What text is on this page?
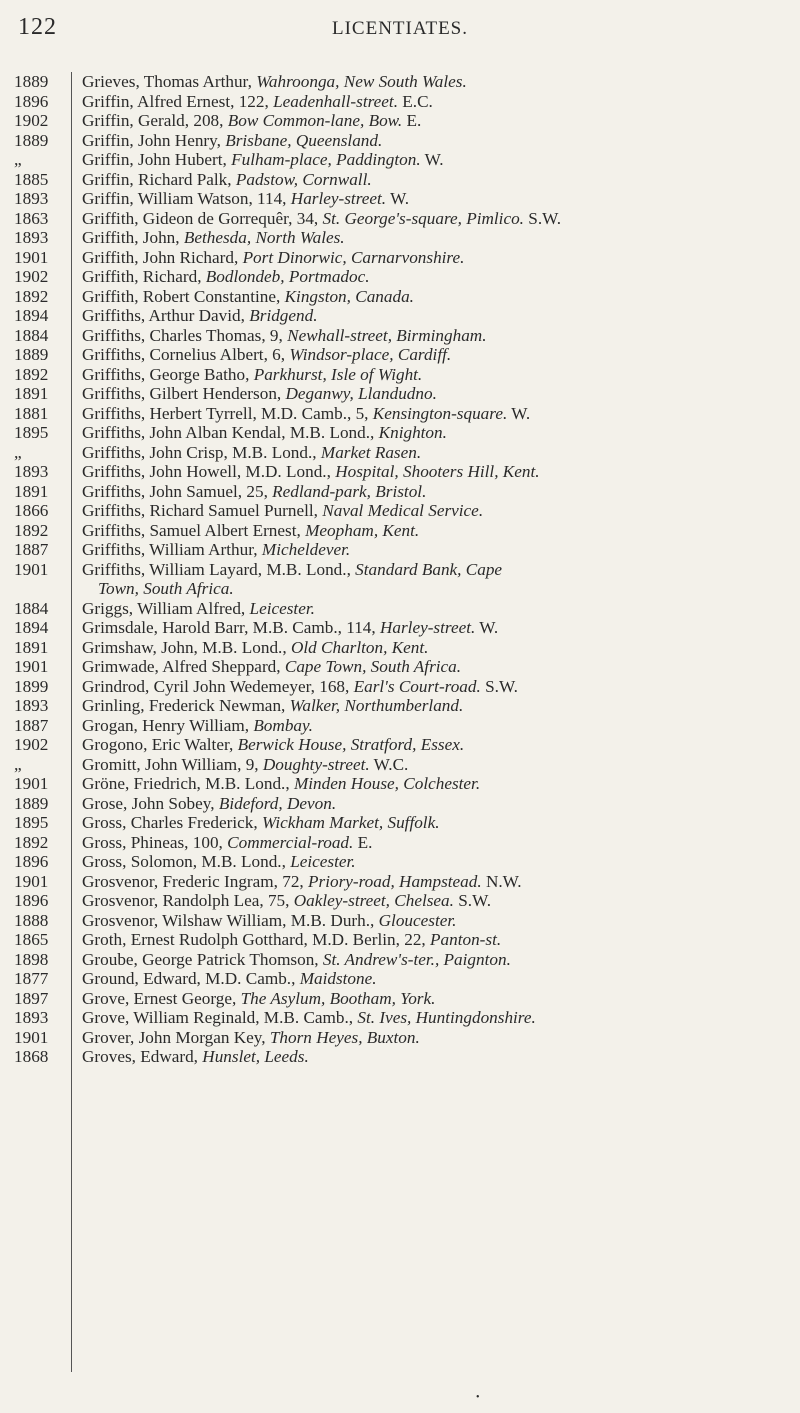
122	LICENTIATES.
1889	Grieves, Thomas Arthur, Wahroonga, New South Wales.
1896	Griffin, Alfred Ernest, 122, Leadenhall-street. E.C.
1902	Griffin, Gerald, 208, Bow Common-lane, Bow. E.
1889	Griffin, John Henry, Brisbane, Queensland.
„	Griffin, John Hubert, Fulham-place, Paddington. W.
1885	Griffin, Richard Palk, Padstow, Cornwall.
1893	Griffin, William Watson, 114, Harley-street. W.
1863	Griffith, Gideon de Gorrequêr, 34, St. George's-square, Pimlico. S.W.
1893	Griffith, John, Bethesda, North Wales.
1901	Griffith, John Richard, Port Dinorwic, Carnarvonshire.
1902	Griffith, Richard, Bodlondeb, Portmadoc.
1892	Griffith, Robert Constantine, Kingston, Canada.
1894	Griffiths, Arthur David, Bridgend.
1884	Griffiths, Charles Thomas, 9, Newhall-street, Birmingham.
1889	Griffiths, Cornelius Albert, 6, Windsor-place, Cardiff.
1892	Griffiths, George Batho, Parkhurst, Isle of Wight.
1891	Griffiths, Gilbert Henderson, Deganwy, Llandudno.
1881	Griffiths, Herbert Tyrrell, M.D. Camb., 5, Kensington-square. W.
1895	Griffiths, John Alban Kendal, M.B. Lond., Knighton.
„	Griffiths, John Crisp, M.B. Lond., Market Rasen.
1893	Griffiths, John Howell, M.D. Lond., Hospital, Shooters Hill, Kent.
1891	Griffiths, John Samuel, 25, Redland-park, Bristol.
1866	Griffiths, Richard Samuel Purnell, Naval Medical Service.
1892	Griffiths, Samuel Albert Ernest, Meopham, Kent.
1887	Griffiths, William Arthur, Micheldever.
1901	Griffiths, William Layard, M.B. Lond., Standard Bank, Cape
Town, South Africa.
1884	Griggs, William Alfred, Leicester.
1894	Grimsdale, Harold Barr, M.B. Camb., 114, Harley-street. W.
1891	Grimshaw, John, M.B. Lond., Old Charlton, Kent.
1901	Grimwade, Alfred Sheppard, Cape Town, South Africa.
1899	Grindrod, Cyril John Wedemeyer, 168, Earl's Court-road. S.W.
1893	Grinling, Frederick Newman, Walker, Northumberland.
1887	Grogan, Henry William, Bombay.
1902	Grogono, Eric Walter, Berwick House, Stratford, Essex.
„	Gromitt, John William, 9, Doughty-street. W.C.
1901	Gröne, Friedrich, M.B. Lond., Minden House, Colchester.
1889	Grose, John Sobey, Bideford, Devon.
1895	Gross, Charles Frederick, Wickham Market, Suffolk.
1892	Gross, Phineas, 100, Commercial-road. E.
1896	Gross, Solomon, M.B. Lond., Leicester.
1901	Grosvenor, Frederic Ingram, 72, Priory-road, Hampstead. N.W.
1896	Grosvenor, Randolph Lea, 75, Oakley-street, Chelsea. S.W.
1888	Grosvenor, Wilshaw William, M.B. Durh., Gloucester.
1865	Groth, Ernest Rudolph Gotthard, M.D. Berlin, 22, Panton-st.
1898	Groube, George Patrick Thomson, St. Andrew's-ter., Paignton.
1877	Ground, Edward, M.D. Camb., Maidstone.
1897	Grove, Ernest George, The Asylum, Bootham, York.
1893	Grove, William Reginald, M.B. Camb., St. Ives, Huntingdonshire.
1901	Grover, John Morgan Key, Thorn Heyes, Buxton.
1868	Groves, Edward, Hunslet, Leeds.
•
